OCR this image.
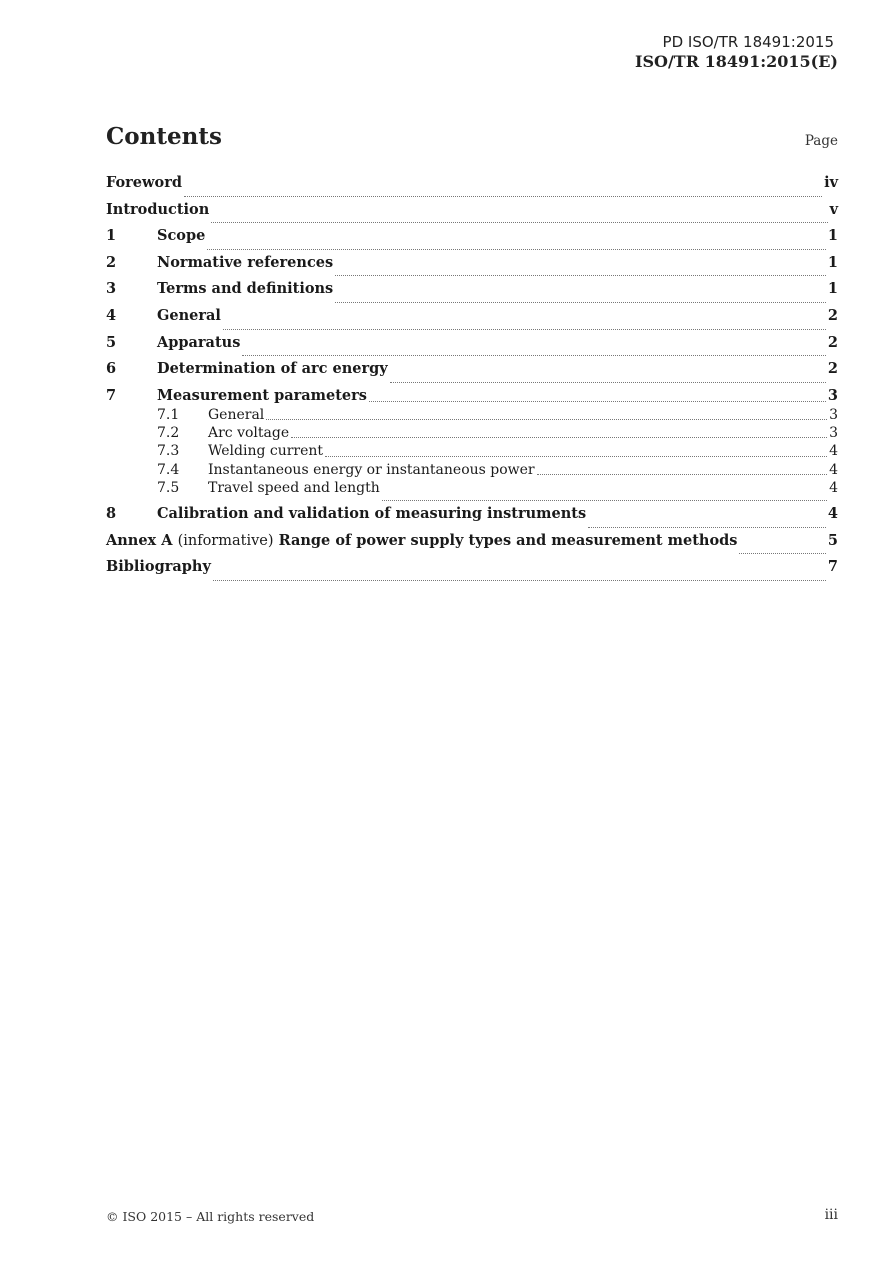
PD ISO/TR 18491:2015
ISO/TR 18491:2015(E)
Contents	Page
Foreword	iv
Introduction	v
1	Scope	1
2	Normative references	1
3	Terms and definitions	1
4	General	2
5	Apparatus	2
6	Determination of arc energy	2
7	Measurement parameters	3
7.1	General	3
7.2	Arc voltage	3
7.3	Welding current	4
7.4	Instantaneous energy or instantaneous power	4
7.5	Travel speed and length	4
8	Calibration and validation of measuring instruments	4
Annex A (informative) Range of power supply types and measurement methods	5
Bibliography	7
© ISO 2015 – All rights reserved	iii
